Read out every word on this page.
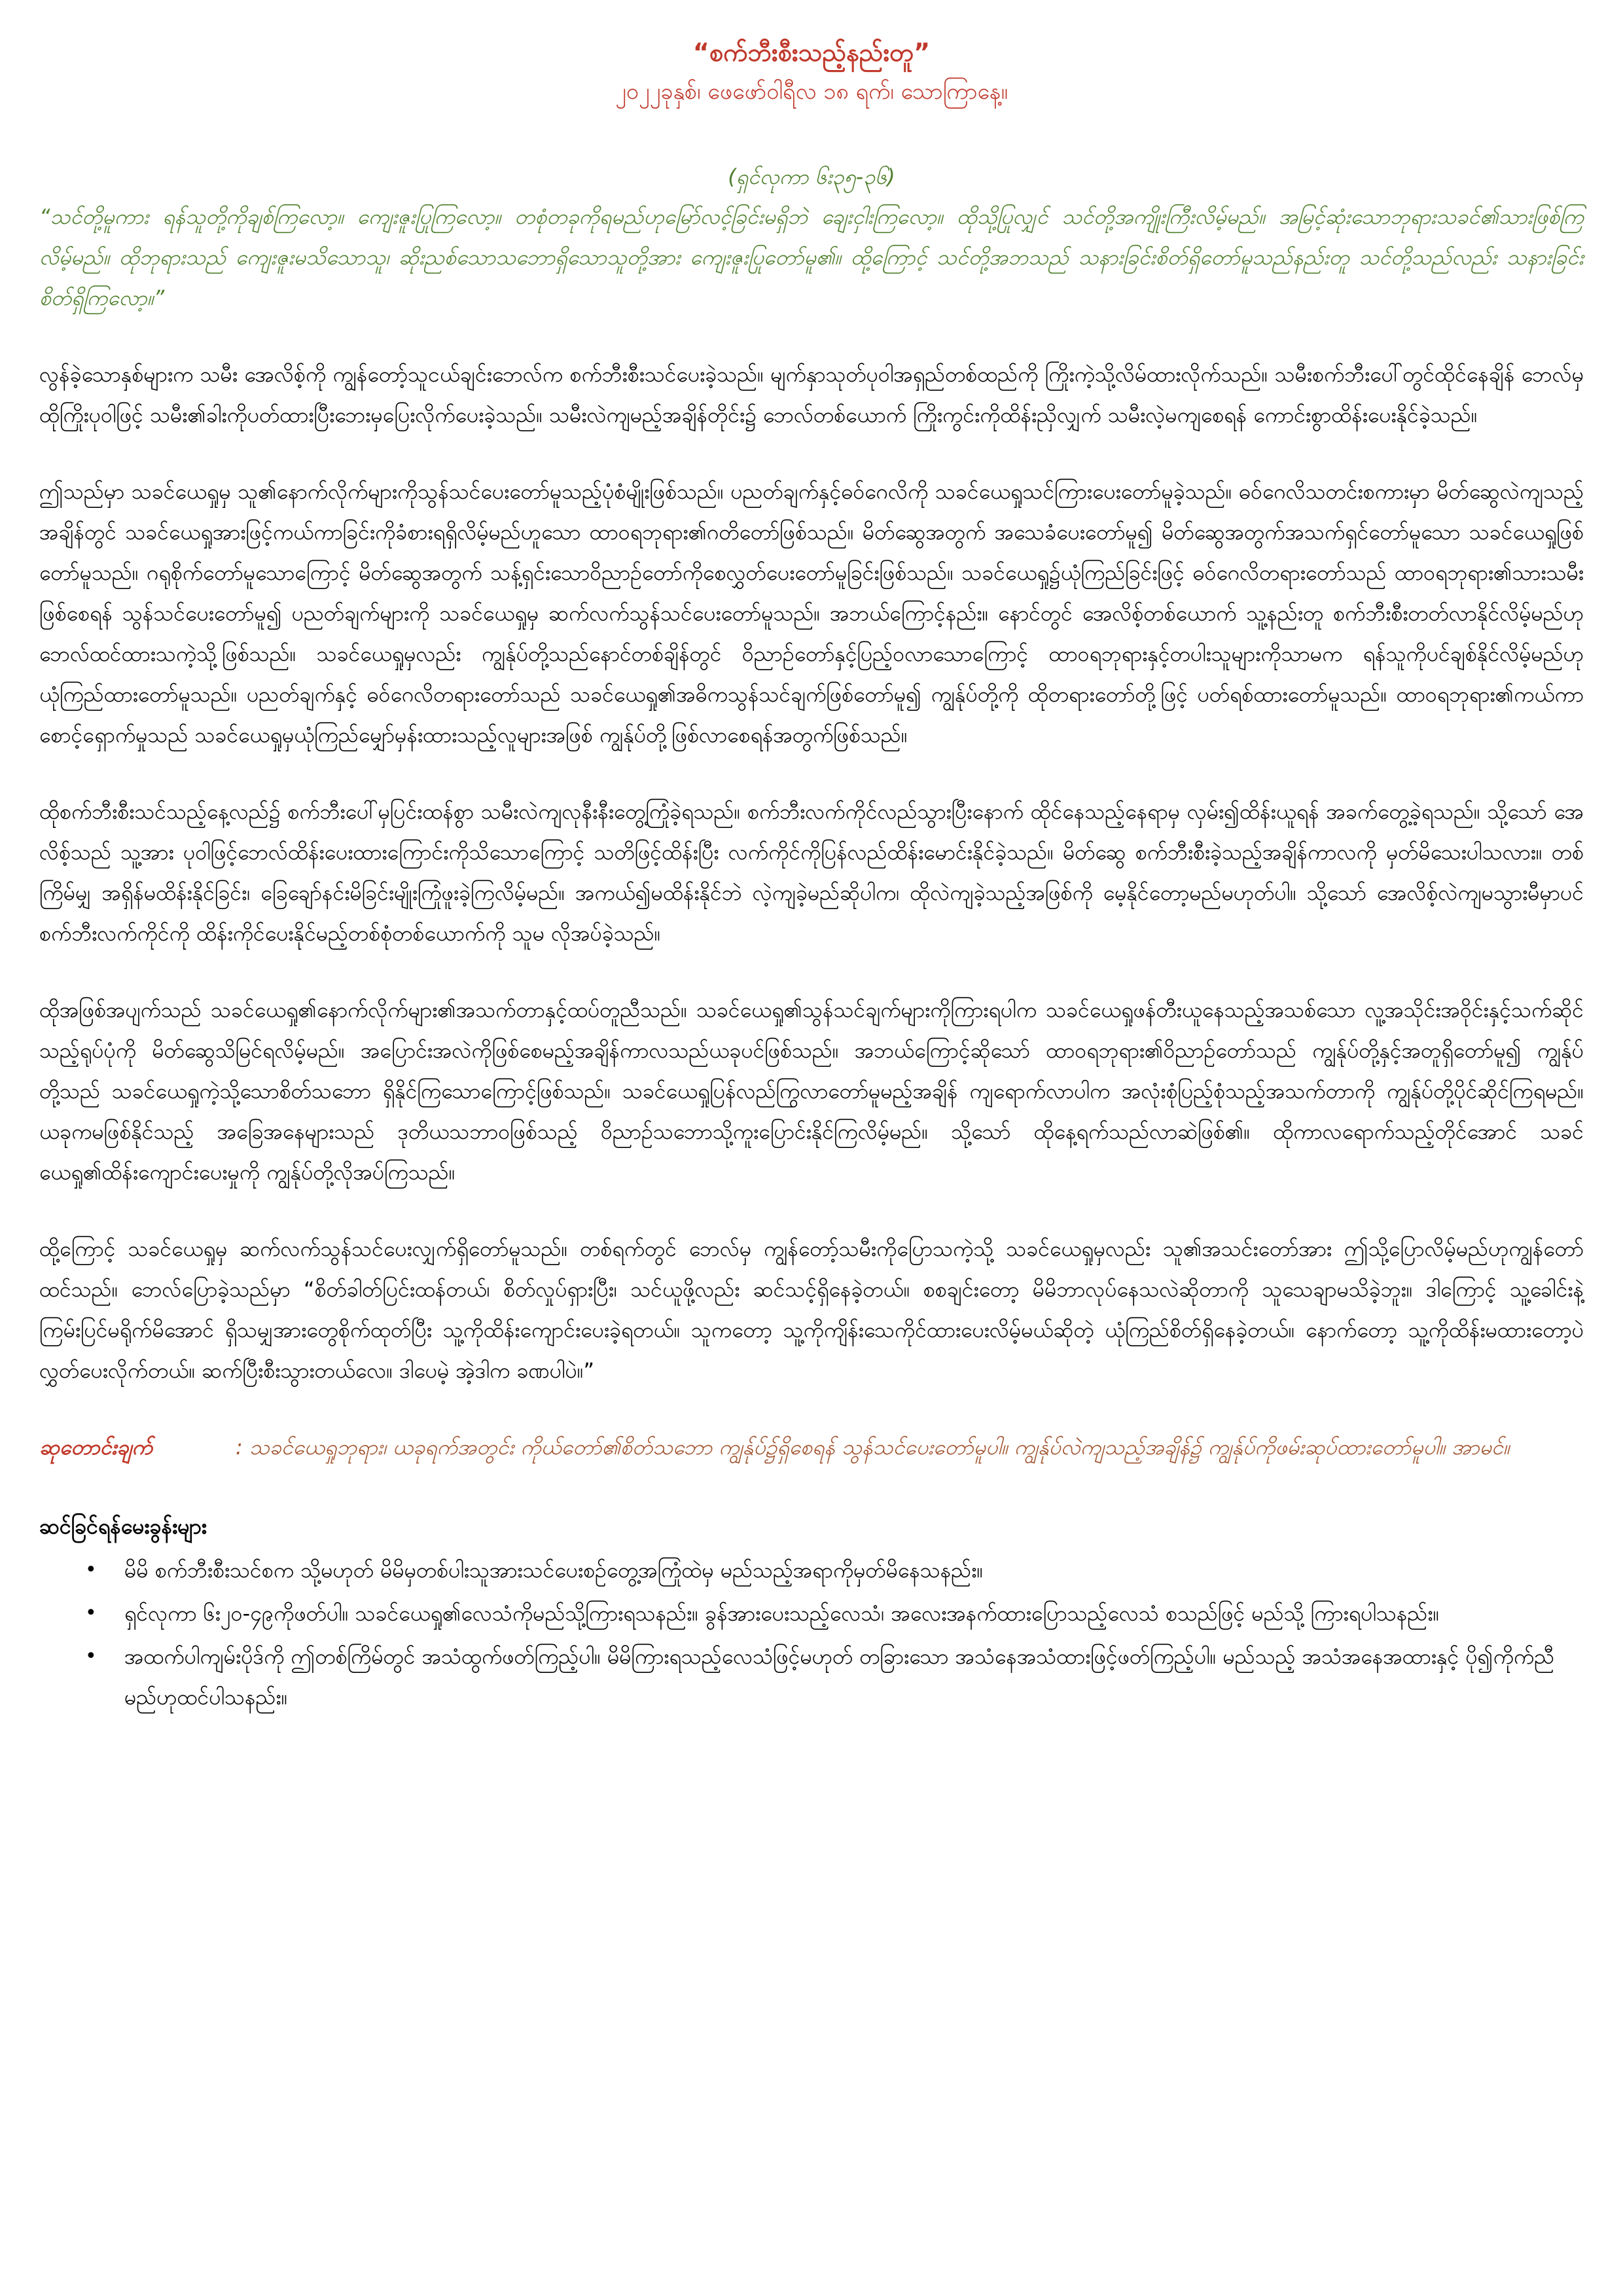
“စက်ဘီးစီးသည့်နည်းတူ”

၂၀၂၂ခုနှစ်၊ ဖေဖော်ဝါရီလ ၁၈ ရက်၊ သောကြာနေ့။

(ရှင်လုကာ ၆း၃၅-၃၆)

“သင်တို့မူကား ရန်သူတို့ကိုချစ်ကြလော့။ ကျေးဇူးပြုကြလော့။ တစုံတခုကိုရမည်ဟုမြော်လင့်ခြင်းမရှိဘဲ ချေးငှါးကြလော့။ ထိုသို့ပြုလျှင် သင်တို့အကျိုးကြီးလိမ့်မည်။ အမြင့်ဆုံးသောဘုရားသခင်၏သားဖြစ်ကြလိမ့်မည်။ ထိုဘုရားသည် ကျေးဇူးမသိသောသူ၊ ဆိုးညစ်သောသဘောရှိသောသူတို့အား ကျေးဇူးပြုတော်မူ၏။ ထို့ကြောင့် သင်တို့အဘသည် သနားခြင်းစိတ်ရှိတော်မူသည်နည်းတူ သင်တို့သည်လည်း သနားခြင်းစိတ်ရှိကြလော့။”

လွန်ခဲ့သောနှစ်များက သမီး အေလိစ့်ကို ကျွန်တော့်သူငယ်ချင်းဘေလ်က စက်ဘီးစီးသင်ပေးခဲ့သည်။ မျက်နှာသုတ်ပုဝါအရှည်တစ်ထည်ကို ကြိုးကဲ့သို့လိမ်ထားလိုက်သည်။ သမီးစက်ဘီးပေါ်တွင်ထိုင်နေချိန် ဘေလ်မှ ထိုကြိုးပုဝါဖြင့် သမီး၏ခါးကိုပတ်ထားပြီးဘေးမှပြေးလိုက်ပေးခဲ့သည်။ သမီးလဲကျမည့်အချိန်တိုင်း၌ ဘေလ်တစ်ယောက် ကြိုးကွင်းကိုထိန်းညှိလျှက် သမီးလဲ့မကျစေရန် ကောင်းစွာထိန်းပေးနိုင်ခဲ့သည်။

ဤသည်မှာ သခင်ယေရှုမှ သူ၏နောက်လိုက်များကိုသွန်သင်ပေးတော်မူသည့်ပုံစံမျိုးဖြစ်သည်။ ပညတ်ချက်နှင့်ဓဝ်ဂေလိကို သခင်ယေရှုသင်ကြားပေးတော်မူခဲ့သည်။ ဓဝ်ဂေလိသတင်းစကားမှာ မိတ်ဆွေလဲကျသည့်အချိန်တွင် သခင်ယေရှုအားဖြင့်ကယ်ကာခြင်းကိုခံစားရရှိလိမ့်မည်ဟူသော ထာဝရဘုရား၏ဂတိတော်ဖြစ်သည်။ မိတ်ဆွေအတွက် အသေခံပေးတော်မူ၍ မိတ်ဆွေအတွက်အသက်ရှင်တော်မူသော သခင်ယေရှုဖြစ်တော်မူသည်။ ဂရုစိုက်တော်မူသောကြောင့် မိတ်ဆွေအတွက် သန့်ရှင်းသောဝိညာဉ်တော်ကိုစေလွှတ်ပေးတော်မူခြင်းဖြစ်သည်။ သခင်ယေရှု၌ယုံကြည်ခြင်းဖြင့် ဓဝ်ဂေလိတရားတော်သည် ထာဝရဘုရား၏သားသမီးဖြစ်စေရန် သွန်သင်ပေးတော်မူ၍ ပညတ်ချက်များကို သခင်ယေရှုမှ ဆက်လက်သွန်သင်ပေးတော်မူသည်။ အဘယ်ကြောင့်နည်း။ နောင်တွင် အေလိစ့်တစ်ယောက် သူ့နည်းတူ စက်ဘီးစီးတတ်လာနိုင်လိမ့်မည်ဟု ဘေလ်ထင်ထားသကဲ့သို့ဖြစ်သည်။ သခင်ယေရှုမှလည်း ကျွန်ုပ်တို့သည်နောင်တစ်ချိန်တွင် ဝိညာဉ်တော်နှင့်ပြည့်ဝလာသောကြောင့် ထာဝရဘုရားနှင့်တပါးသူများကိုသာမက ရန်သူကိုပင်ချစ်နိုင်လိမ့်မည်ဟု ယုံကြည်ထားတော်မူသည်။ ပညတ်ချက်နှင့် ဓဝ်ဂေလိတရားတော်သည် သခင်ယေရှု၏အဓိကသွန်သင်ချက်ဖြစ်တော်မူ၍ ကျွန်ုပ်တို့ကို ထိုတရားတော်တို့ဖြင့် ပတ်ရစ်ထားတော်မူသည်။ ထာဝရဘုရား၏ကယ်ကာစောင့်ရှောက်မှုသည် သခင်ယေရှုမှယုံကြည်မျှော်မှန်းထားသည့်လူများအဖြစ် ကျွန်ုပ်တို့ဖြစ်လာစေရန်အတွက်ဖြစ်သည်။

ထိုစက်ဘီးစီးသင်သည့်နေ့လည်၌ စက်ဘီးပေါ်မှပြင်းထန်စွာ သမီးလဲကျလုနီးနီးတွေ့ကြုံခဲ့ရသည်။ စက်ဘီးလက်ကိုင်လည်သွားပြီးနောက် ထိုင်နေသည့်နေရာမှ လှမ်း၍ထိန်းယူရန် အခက်တွေ့ခဲ့ရသည်။ သို့သော် အေလိစ့်သည် သူ့အား ပုဝါဖြင့်ဘေလ်ထိန်းပေးထားကြောင်းကိုသိသောကြောင့် သတိဖြင့်ထိန်းပြီး လက်ကိုင်ကိုပြန်လည်ထိန်းမောင်းနိုင်ခဲ့သည်။ မိတ်ဆွေ စက်ဘီးစီးခဲ့သည့်အချိန်ကာလကို မှတ်မိသေးပါသလား။ တစ်ကြိမ်မျှ အရှိန်မထိန်းနိုင်ခြင်း၊ ခြေချော်နင်းမိခြင်းမျိုးကြုံဖူးခဲ့ကြလိမ့်မည်။ အကယ်၍မထိန်းနိုင်ဘဲ လဲ့ကျခဲ့မည်ဆိုပါက၊ ထိုလဲကျခဲ့သည့်အဖြစ်ကို မေ့နိုင်တော့မည်မဟုတ်ပါ။ သို့သော် အေလိစ့်လဲကျမသွားမီမှာပင် စက်ဘီးလက်ကိုင်ကို ထိန်းကိုင်ပေးနိုင်မည့်တစ်စုံတစ်ယောက်ကို သူမ လိုအပ်ခဲ့သည်။

ထိုအဖြစ်အပျက်သည် သခင်ယေရှု၏နောက်လိုက်များ၏အသက်တာနှင့်ထပ်တူညီသည်။ သခင်ယေရှု၏သွန်သင်ချက်များကိုကြားရပါက သခင်ယေရှုဖန်တီးယူနေသည့်အသစ်သော လူ့အသိုင်းအဝိုင်းနှင့်သက်ဆိုင်သည့်ရုပ်ပုံကို မိတ်ဆွေသိမြင်ရလိမ့်မည်။ အပြောင်းအလဲကိုဖြစ်စေမည့်အချိန်ကာလသည်ယခုပင်ဖြစ်သည်။ အဘယ်ကြောင့်ဆိုသော် ထာဝရဘုရား၏ဝိညာဉ်တော်သည် ကျွန်ုပ်တို့နှင့်အတူရှိတော်မူ၍ ကျွန်ုပ်တို့သည် သခင်ယေရှုကဲ့သို့သောစိတ်သဘော ရှိနိုင်ကြသောကြောင့်ဖြစ်သည်။ သခင်ယေရှုပြန်လည်ကြွလာတော်မူမည့်အချိန် ကျရောက်လာပါက အလုံးစုံပြည့်စုံသည့်အသက်တာကို ကျွန်ုပ်တို့ပိုင်ဆိုင်ကြရမည်။ ယခုကမဖြစ်နိုင်သည့် အခြေအနေများသည် ဒုတိယသဘာဝဖြစ်သည့် ဝိညာဉ်သဘောသို့ကူးပြောင်းနိုင်ကြလိမ့်မည်။ သို့သော် ထိုနေ့ရက်သည်လာဆဲဖြစ်၏။ ထိုကာလရောက်သည့်တိုင်အောင် သခင်ယေရှု၏ထိန်းကျောင်းပေးမှုကို ကျွန်ုပ်တို့လိုအပ်ကြသည်။

ထို့ကြောင့် သခင်ယေရှုမှ ဆက်လက်သွန်သင်ပေးလျှက်ရှိတော်မူသည်။ တစ်ရက်တွင် ဘေလ်မှ ကျွန်တော့်သမီးကိုပြောသကဲ့သို့ သခင်ယေရှုမှလည်း သူ၏အသင်းတော်အား ဤသို့ပြောလိမ့်မည်ဟုကျွန်တော်ထင်သည်။ ဘေလ်ပြောခဲ့သည်မှာ “စိတ်ခါတ်ပြင်းထန်တယ်၊ စိတ်လှုပ်ရှားပြီး၊ သင်ယူဖို့လည်း ဆင်သင့်ရှိနေခဲ့တယ်။ စစချင်းတော့ မိမိဘာလုပ်နေသလဲဆိုတာကို သူသေချာမသိခဲ့ဘူး။ ဒါကြောင့် သူ့ခေါင်းနဲ့ကြမ်းပြင်မရိုက်မိအောင် ရှိသမျှအားတွေစိုက်ထုတ်ပြီး သူ့ကိုထိန်းကျောင်းပေးခဲ့ရတယ်။ သူကတော့ သူ့ကိုကျိန်းသေကိုင်ထားပေးလိမ့်မယ်ဆိုတဲ့ ယုံကြည်စိတ်ရှိနေခဲ့တယ်။ နောက်တော့ သူ့ကိုထိန်းမထားတော့ပဲ လွှတ်ပေးလိုက်တယ်။ ဆက်ပြီးစီးသွားတယ်လေ။ ဒါပေမဲ့ အဲ့ဒါက ခဏပါပဲ။”

ဆုတောင်းချက်	: သခင်ယေရှုဘုရား၊ ယခုရက်အတွင်း ကိုယ်တော်၏စိတ်သဘော ကျွန်ုပ်၌ရှိစေရန် သွန်သင်ပေးတော်မူပါ။ ကျွန်ုပ်လဲကျသည့်အချိန်၌ ကျွန်ုပ်ကိုဖမ်းဆုပ်ထားတော်မူပါ။ အာမင်။

ဆင်ခြင်ရန်မေးခွန်းများ

• မိမိ စက်ဘီးစီးသင်စက သို့မဟုတ် မိမိမှတစ်ပါးသူအားသင်ပေးစဥ်တွေ့အကြုံထဲမှ မည်သည့်အရာကိုမှတ်မိနေသနည်း။
• ရှင်လုကာ ၆း၂၀-၄၉ကိုဖတ်ပါ။ သခင်ယေရှု၏လေသံကိုမည်သို့ကြားရသနည်း။ ခွန်အားပေးသည့်လေသံ၊ အလေးအနက်ထားပြောသည့်လေသံ စသည်ဖြင့် မည်သို့ ကြားရပါသနည်း။
• အထက်ပါကျမ်းပိုဒ်ကို ဤတစ်ကြိမ်တွင် အသံထွက်ဖတ်ကြည့်ပါ။ မိမိကြားရသည့်လေသံဖြင့်မဟုတ် တခြားသော အသံနေအသံထားဖြင့်ဖတ်ကြည့်ပါ။ မည်သည့် အသံအနေအထားနှင့် ပို၍ကိုက်ညီမည်ဟုထင်ပါသနည်း။
